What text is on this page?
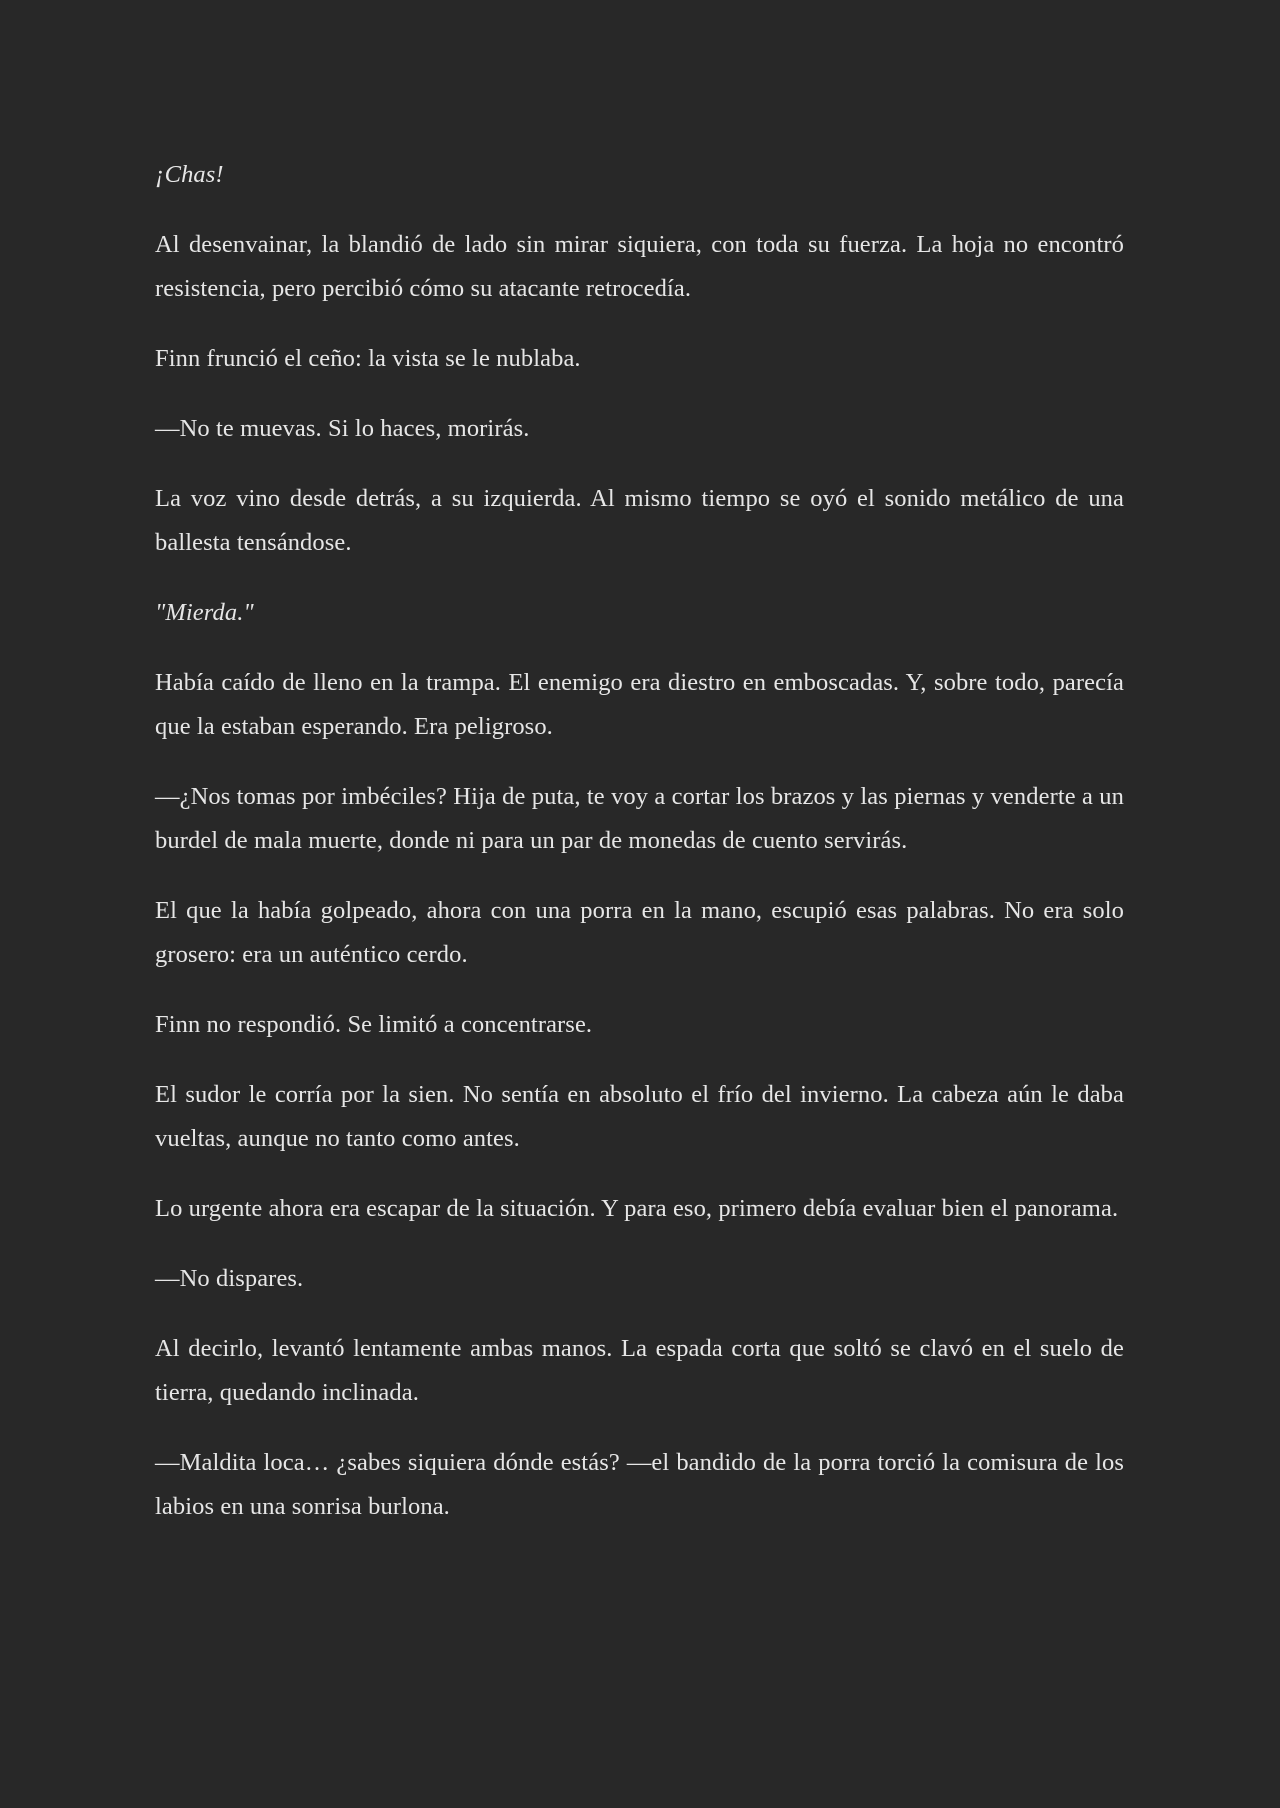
¡Chas!

Al desenvainar, la blandió de lado sin mirar siquiera, con toda su fuerza. La hoja no encontró resistencia, pero percibió cómo su atacante retrocedía.

Finn frunció el ceño: la vista se le nublaba.

—No te muevas. Si lo haces, morirás.

La voz vino desde detrás, a su izquierda. Al mismo tiempo se oyó el sonido metálico de una ballesta tensándose.

"Mierda."

Había caído de lleno en la trampa. El enemigo era diestro en emboscadas. Y, sobre todo, parecía que la estaban esperando. Era peligroso.

—¿Nos tomas por imbéciles? Hija de puta, te voy a cortar los brazos y las piernas y venderte a un burdel de mala muerte, donde ni para un par de monedas de cuento servirás.

El que la había golpeado, ahora con una porra en la mano, escupió esas palabras. No era solo grosero: era un auténtico cerdo.

Finn no respondió. Se limitó a concentrarse.

El sudor le corría por la sien. No sentía en absoluto el frío del invierno. La cabeza aún le daba vueltas, aunque no tanto como antes.

Lo urgente ahora era escapar de la situación. Y para eso, primero debía evaluar bien el panorama.

—No dispares.

Al decirlo, levantó lentamente ambas manos. La espada corta que soltó se clavó en el suelo de tierra, quedando inclinada.

—Maldita loca… ¿sabes siquiera dónde estás? —el bandido de la porra torció la comisura de los labios en una sonrisa burlona.
